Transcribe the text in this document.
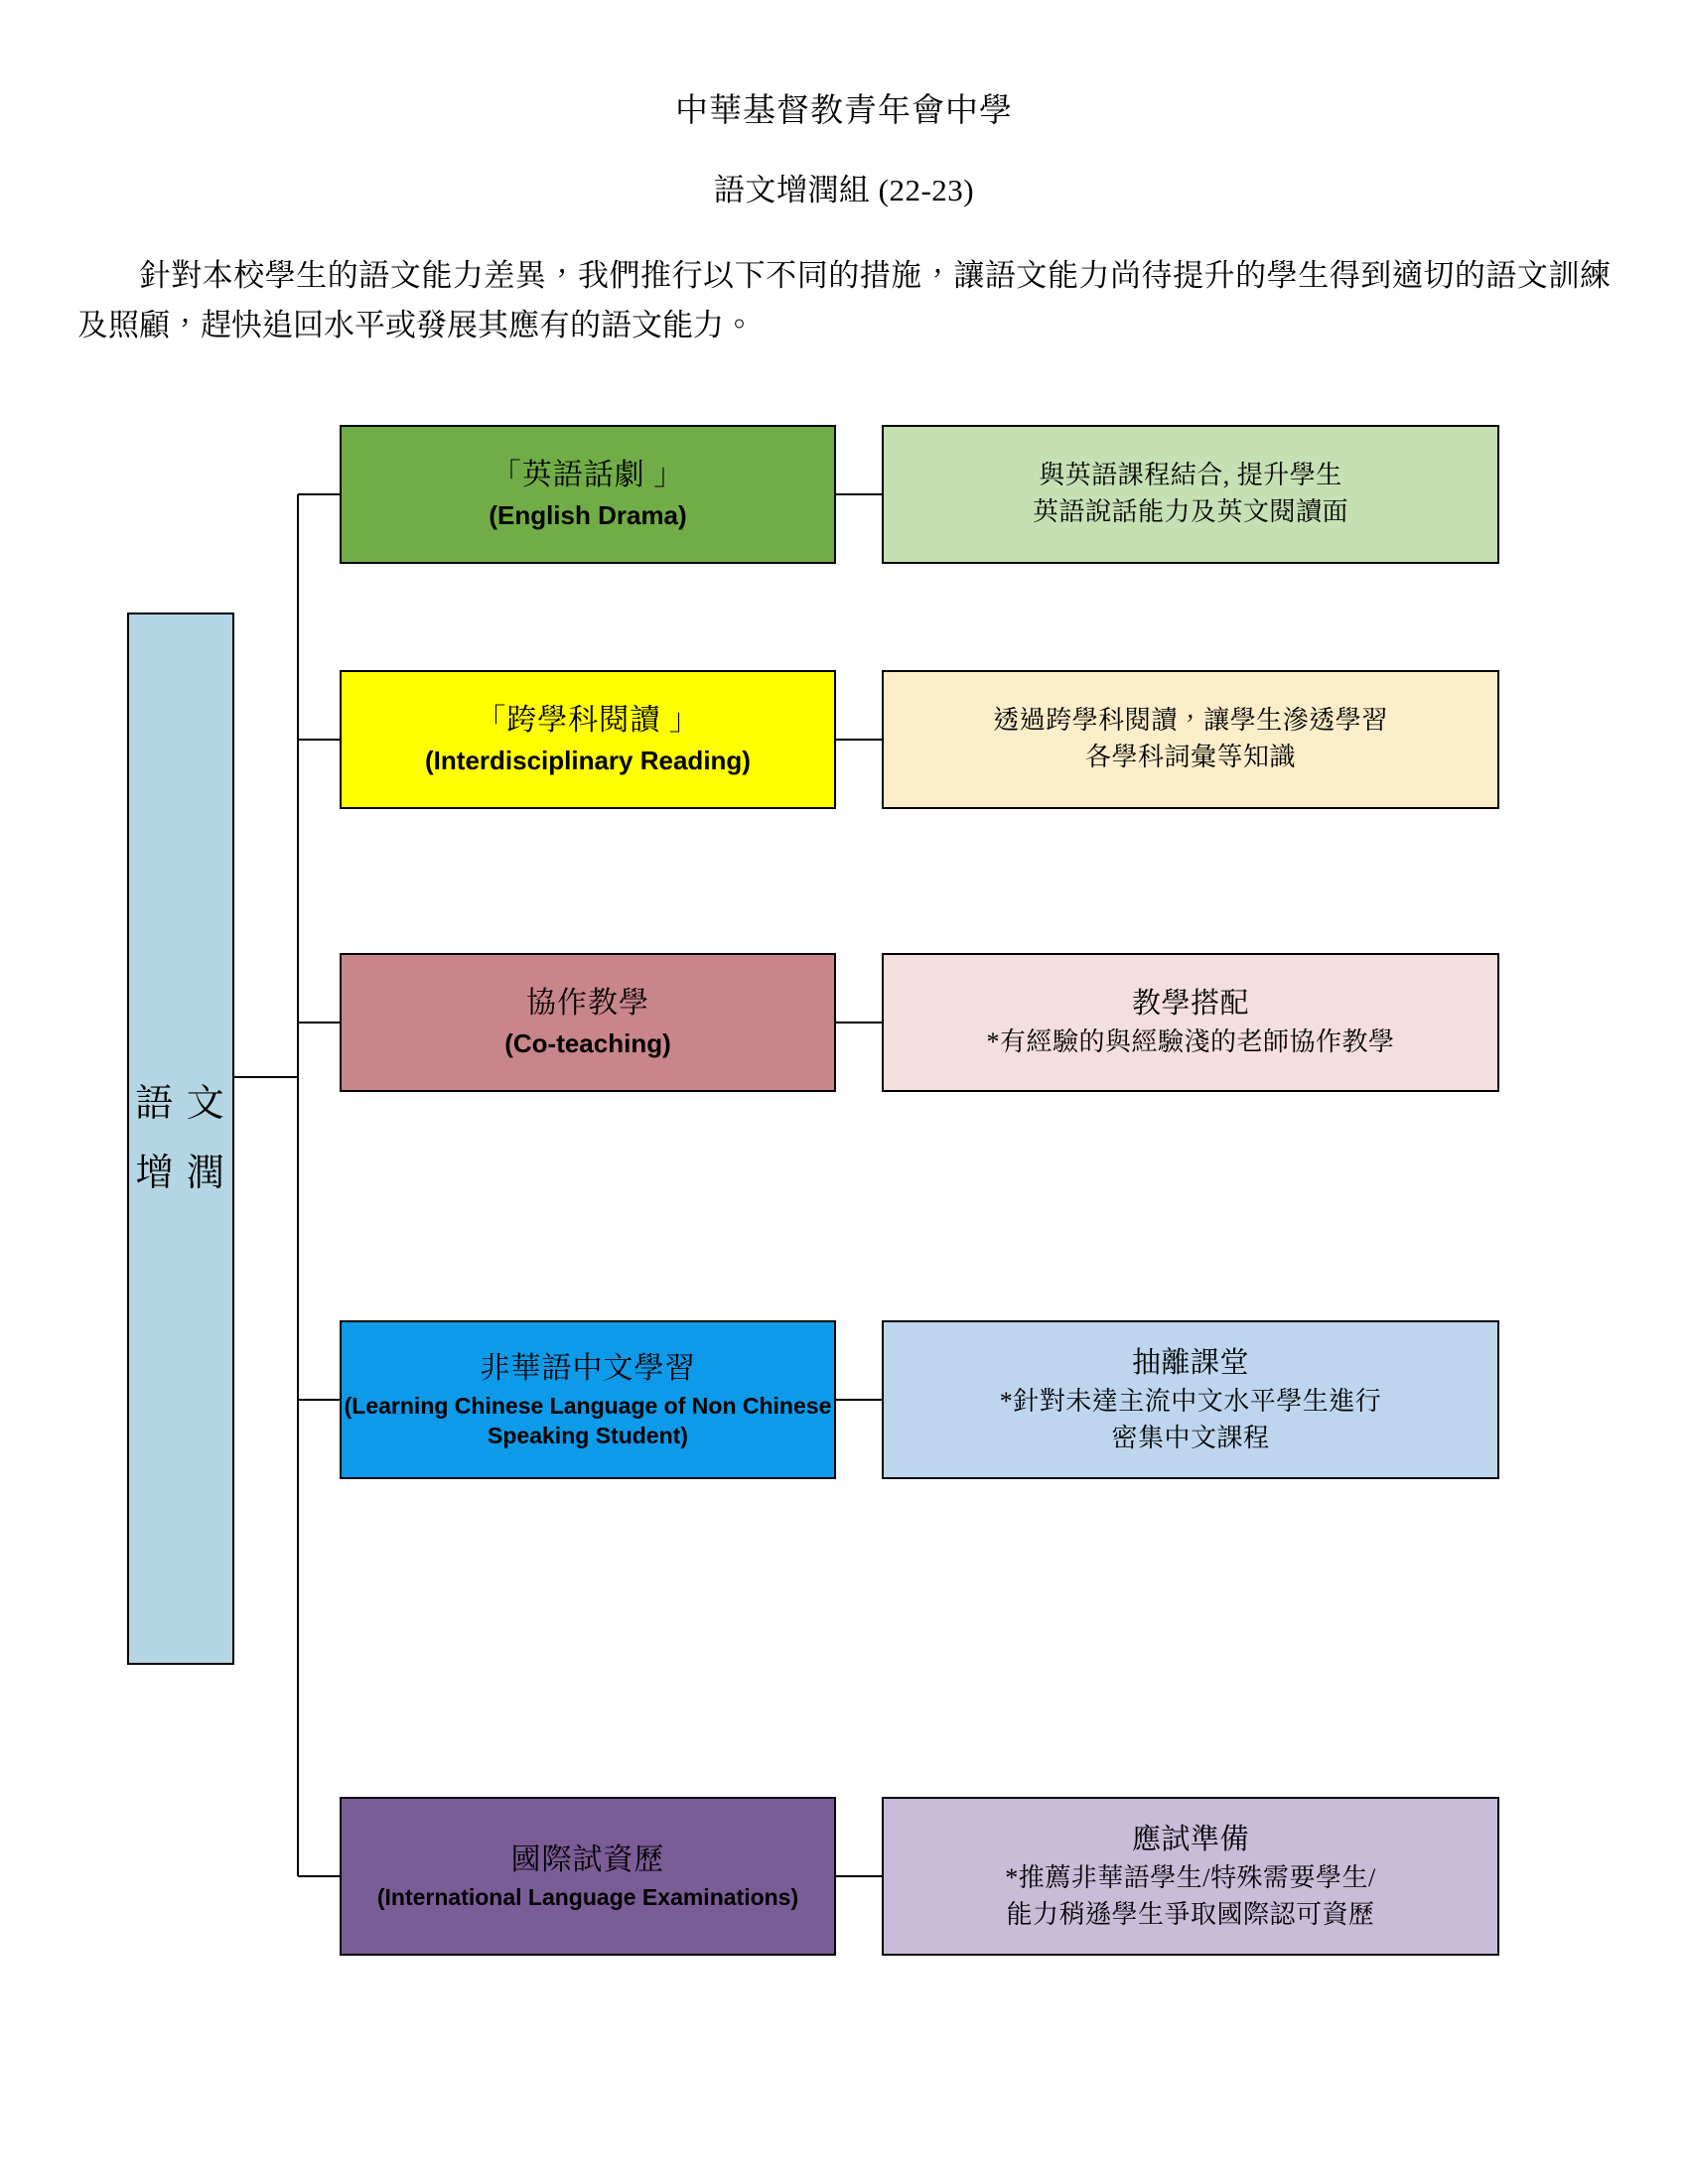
中華基督教青年會中學
語文增潤組 (22-23)
針對本校學生的語文能力差異，我們推行以下不同的措施，讓語文能力尚待提升的學生得到適切的語文訓練及照顧，趕快追回水平或發展其應有的語文能力。
語 文 增 潤
「英語話劇 」
(English Drama)
與英語課程結合, 提升學生
英語說話能力及英文閱讀面
「跨學科閱讀 」
(Interdisciplinary Reading)
透過跨學科閱讀，讓學生滲透學習
各學科詞彙等知識
協作教學
(Co-teaching)
教學搭配
*有經驗的與經驗淺的老師協作教學
非華語中文學習
(Learning Chinese Language of Non Chinese Speaking Student)
抽離課堂
*針對未達主流中文水平學生進行
密集中文課程
國際試資歷
(International Language Examinations)
應試準備
*推薦非華語學生/特殊需要學生/
能力稍遜學生爭取國際認可資歷
